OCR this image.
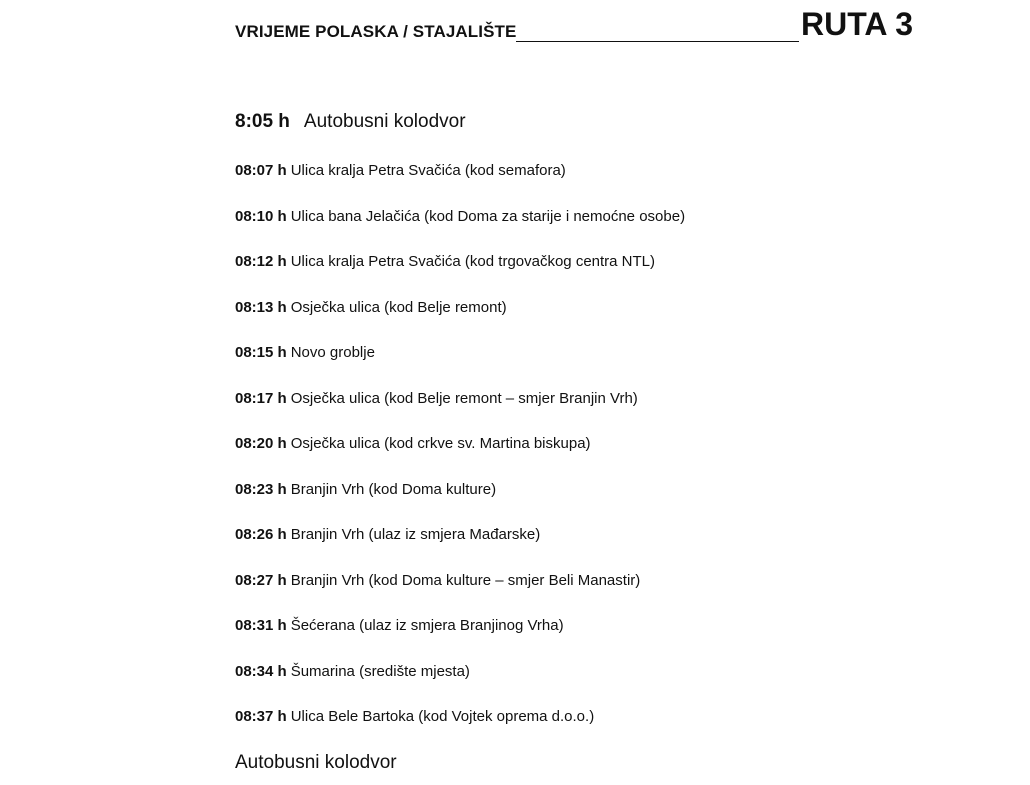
VRIJEME POLASKA / STAJALIŠTE	RUTA 3
8:05 h Autobusni kolodvor
08:07 h Ulica kralja Petra Svačića (kod semafora)
08:10 h Ulica bana Jelačića (kod Doma za starije i nemoćne osobe)
08:12 h Ulica kralja Petra Svačića (kod trgovačkog centra NTL)
08:13 h Osječka ulica (kod Belje remont)
08:15 h Novo groblje
08:17 h Osječka ulica (kod Belje remont – smjer Branjin Vrh)
08:20 h Osječka ulica (kod crkve sv. Martina biskupa)
08:23 h Branjin Vrh (kod Doma kulture)
08:26 h Branjin Vrh (ulaz iz smjera Mađarske)
08:27 h Branjin Vrh (kod Doma kulture – smjer Beli Manastir)
08:31 h Šećerana (ulaz iz smjera Branjinog Vrha)
08:34 h Šumarina (središte mjesta)
08:37 h Ulica Bele Bartoka (kod Vojtek oprema d.o.o.)
Autobusni kolodvor
